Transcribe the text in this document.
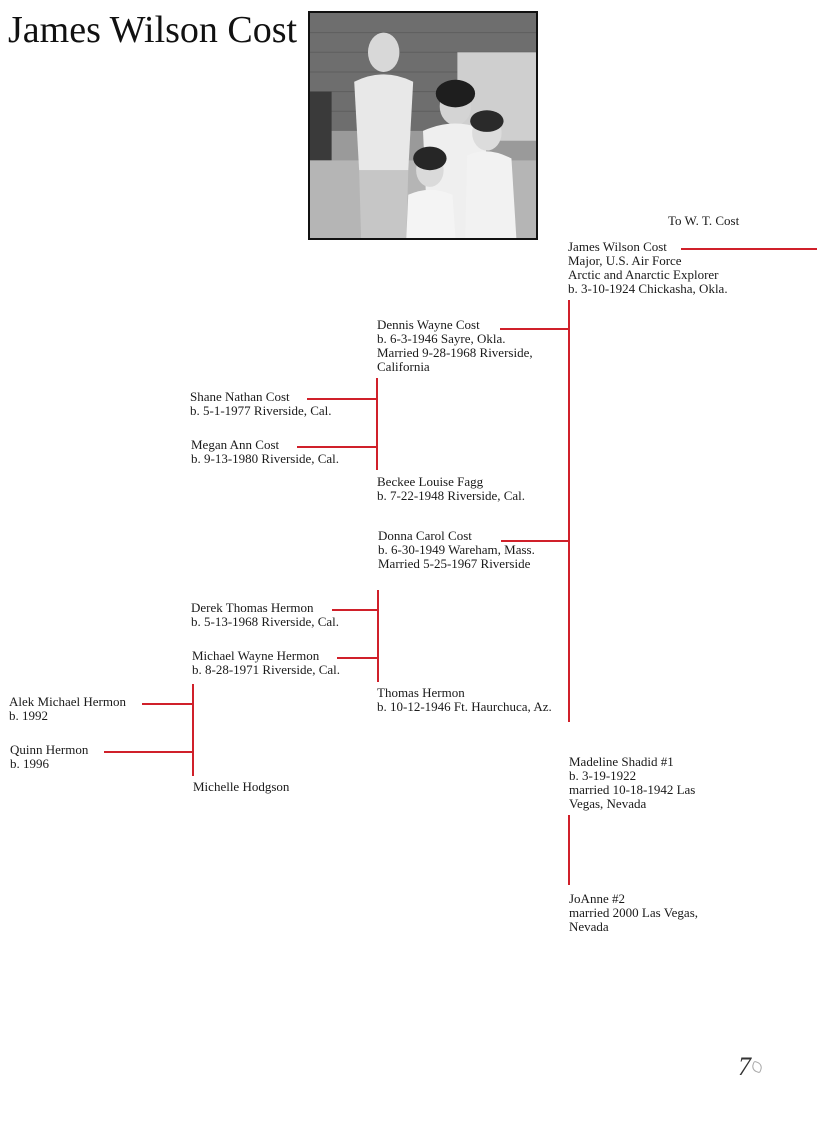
James Wilson Cost
To W. T. Cost
James Wilson Cost
Major, U.S. Air Force
Arctic and Anarctic Explorer
b. 3-10-1924 Chickasha, Okla.
Dennis Wayne Cost
b. 6-3-1946 Sayre, Okla.
Married 9-28-1968 Riverside,
California
Shane Nathan Cost
b. 5-1-1977 Riverside, Cal.
Megan Ann Cost
b. 9-13-1980 Riverside, Cal.
Beckee Louise Fagg
b. 7-22-1948 Riverside, Cal.
Donna Carol Cost
b. 6-30-1949 Wareham, Mass.
Married 5-25-1967 Riverside
Derek Thomas Hermon
b. 5-13-1968 Riverside, Cal.
Michael Wayne Hermon
b. 8-28-1971 Riverside, Cal.
Thomas Hermon
b. 10-12-1946 Ft. Haurchuca, Az.
Alek Michael Hermon
b. 1992
Quinn Hermon
b. 1996
Michelle Hodgson
Madeline Shadid #1
b. 3-19-1922
married 10-18-1942 Las
Vegas, Nevada
JoAnne #2
married 2000 Las Vegas,
Nevada
7
